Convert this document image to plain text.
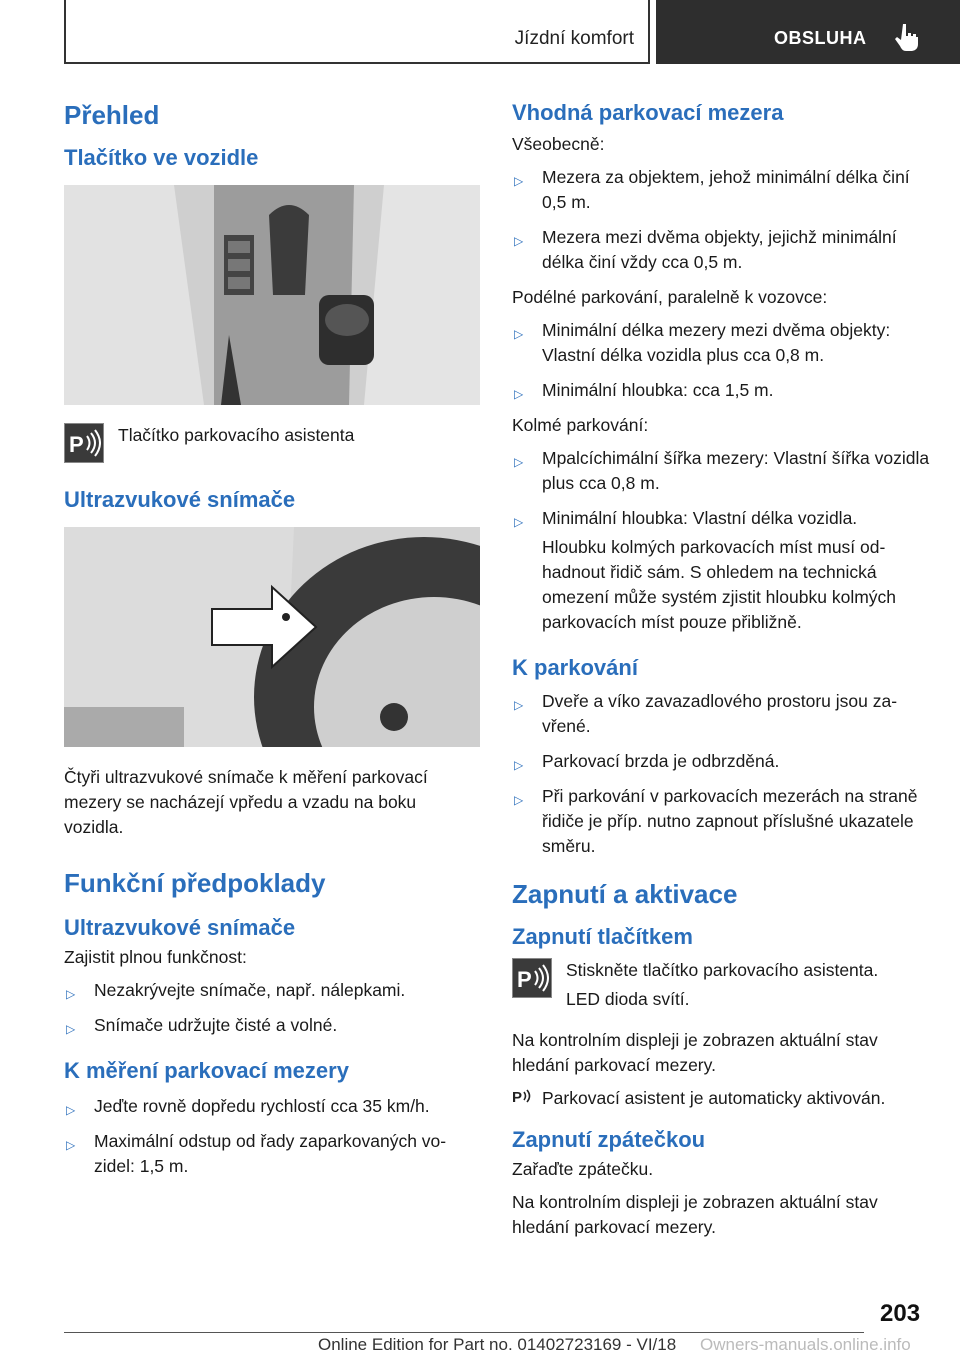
Jízdní komfort	OBSLUHA
Přehled
Tlačítko ve vozidle
P Tlačítko parkovacího asistenta

Ultrazvukové snímače

Čtyři ultrazvukové snímače k měření parkovací mezery se nacházejí vpředu a vzadu na boku vozidla.

Funkční předpoklady
Ultrazvukové snímače

Zajistit plnou funkčnost:

▷ Nezakrývejte snímače, např. nálepkami.
▷ Snímače udržujte čisté a volné.
K měření parkovací mezery
▷ Jeďte rovně dopředu rychlostí cca 35 km/h.
▷ Maximální odstup od řady zaparkovaných vo‐zidel: 1,5 m.
Vhodná parkovací mezera

Všeobecně:

▷ Mezera za objektem, jehož minimální délka činí 0,5 m.
▷ Mezera mezi dvěma objekty, jejichž minimální délka činí vždy cca 0,5 m.

Podélné parkování, paralelně k vozovce:

▷ Minimální délka mezery mezi dvěma objekty: Vlastní délka vozidla plus cca 0,8 m.
▷ Minimální hloubka: cca 1,5 m.

Kolmé parkování:

▷ Mpalcíchimální šířka mezery: Vlastní šířka vozidla plus cca 0,8 m.
▷ Minimální hloubka: Vlastní délka vozidla.

Hloubku kolmých parkovacích míst musí od‐hadnout řidič sám. S ohledem na technická omezení může systém zjistit hloubku kolmých parkovacích míst pouze přibližně.

K parkování
▷ Dveře a víko zavazadlového prostoru jsou za‐vřené.
▷ Parkovací brzda je odbrzděná.
▷ Při parkování v parkovacích mezerách na straně řidiče je příp. nutno zapnout příslušné ukazatele směru.
Zapnutí a aktivace
Zapnutí tlačítkem
P Stiskněte tlačítko parkovacího asistenta.

LED dioda svítí.

Na kontrolním displeji je zobrazen aktuální stav hledání parkovací mezery.

P Parkovací asistent je automaticky aktivován.

Zapnutí zpátečkou

Zařaďte zpátečku.

Na kontrolním displeji je zobrazen aktuální stav hledání parkovací mezery.

203
Online Edition for Part no. 01402723169 - VI/18 Owners-manuals.online.info
